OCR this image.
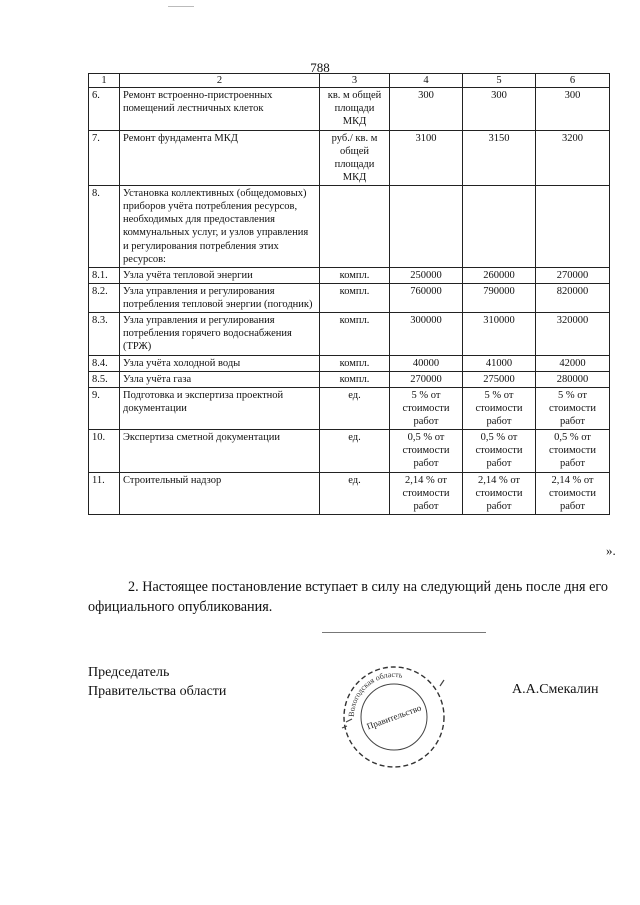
788
1	2	3	4	5	6
6.	Ремонт встроенно-пристроенных помещений лестничных клеток	кв. м общей площади МКД	300	300	300
7.	Ремонт фундамента МКД	руб./ кв. м общей площади МКД	3100	3150	3200
8.	Установка коллективных (общедомовых) приборов учёта потребления ресурсов, необходимых для предоставления коммунальных услуг, и узлов управления и регулирования потребления этих ресурсов:				
8.1.	Узла учёта тепловой энергии	компл.	250000	260000	270000
8.2.	Узла управления и регулирования потребления тепловой энергии (погодник)	компл.	760000	790000	820000
8.3.	Узла управления и регулирования потребления горячего водоснабжения (ТРЖ)	компл.	300000	310000	320000
8.4.	Узла учёта холодной воды	компл.	40000	41000	42000
8.5.	Узла учёта газа	компл.	270000	275000	280000
9.	Подготовка и экспертиза проектной документации	ед.	5 % от стоимости работ	5 % от стоимости работ	5 % от стоимости работ
10.	Экспертиза сметной документации	ед.	0,5 % от стоимости работ	0,5 % от стоимости работ	0,5 % от стоимости работ
11.	Строительный надзор	ед.	2,14 % от стоимости работ	2,14 % от стоимости работ	2,14 % от стоимости работ
».
2. Настоящее постановление вступает в силу на следующий день после дня его официального опубликования.
Председатель
Правительства области	А.А.Смекалин
Вологодская область
Правительство
